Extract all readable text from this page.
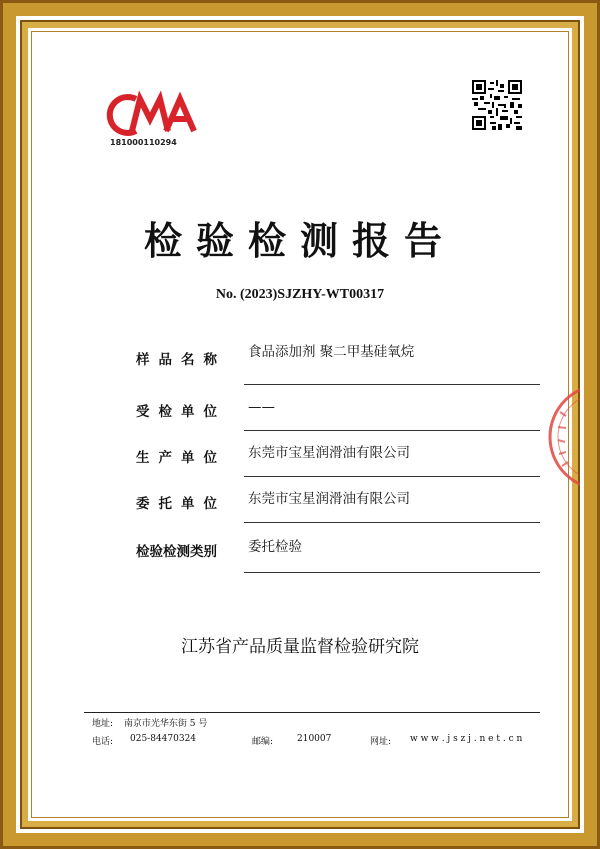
181000110294
检验检测报告
No. (2023)SJZHY-WT00317
样品名称	食品添加剂 聚二甲基硅氧烷
受检单位	——
生产单位	东莞市宝星润滑油有限公司
委托单位	东莞市宝星润滑油有限公司
检验检测类别	委托检验
江苏省产品质量监督检验研究院
地址: 南京市光华东街 5 号
电话: 025-84470324	邮编:	210007	网址: w w w . j s z j . n e t . c n
